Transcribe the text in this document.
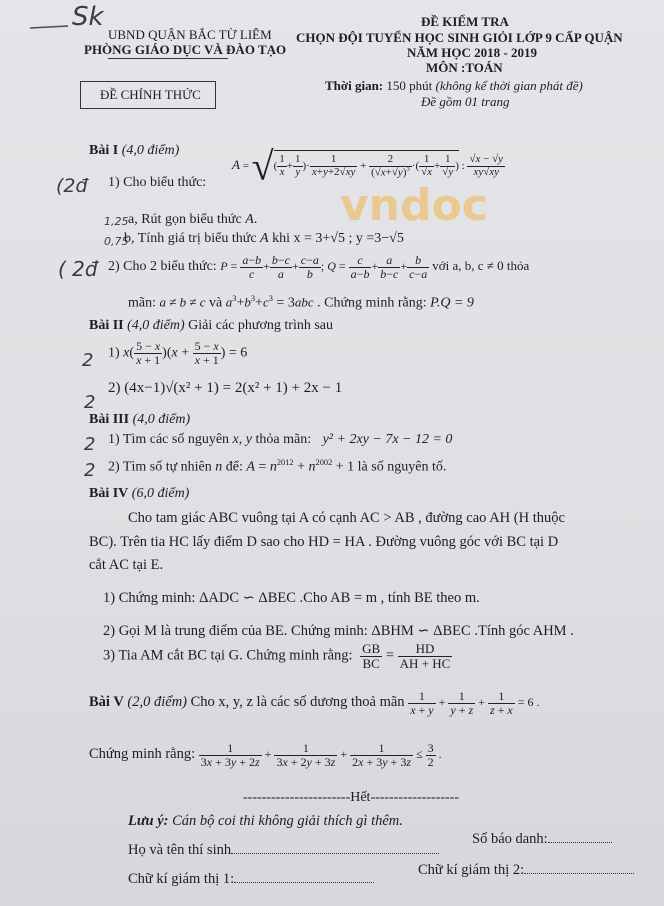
Sk
UBND QUẬN BẮC TỪ LIÊM
PHÒNG GIÁO DỤC VÀ ĐÀO TẠO
ĐỀ CHÍNH THỨC
ĐỀ KIỂM TRA
CHỌN ĐỘI TUYỂN HỌC SINH GIỎI LỚP 9 CẤP QUẬN
NĂM HỌC 2018 - 2019
MÔN :TOÁN
Thời gian: 150 phút (không kể thời gian phát đề)
Đề gồm 01 trang
Bài I (4,0 điểm)
(2đ 1) Cho biểu thức:
A = √( $\frac{1}{x} + \frac{1}{y}$ )· $\frac{1}{x+y+2√xy} + \frac{2}{(√x+√y)^3}$ ·( $\frac{1}{√x} + \frac{1}{√y}$ ) : $\frac{√x - √y}{xy√xy}$
vndoc
1,25 a, Rút gọn biểu thức A.
0,75
b, Tính giá trị biểu thức A khi x = 3+√5 ; y =3−√5
( 2đ 2) Cho 2 biểu thức: $P = \frac{a-b}{c} + \frac{b-c}{a} + \frac{c-a}{b}$ ; $Q = \frac{c}{a-b} + \frac{a}{b-c} + \frac{b}{c-a}$ với a, b, c ≠ 0 thỏa
mãn: a ≠ b ≠ c và $a^3+b^3+c^3 = 3abc$ . Chứng minh rằng: P.Q = 9
Bài II (4,0 điểm) Giải các phương trình sau
2 1) $x( \frac{5 - x}{x + 1} )(x + \frac{5 - x}{x + 1}$ ) = 6
2
2) (4x−1)√(x² + 1) = 2(x² + 1) + 2x − 1
Bài III (4,0 điểm)
2 1) Tìm các số nguyên x, y thỏa mãn: y² + 2xy − 7x − 12 = 0
2 2) Tìm số tự nhiên n để: $A = n^{2012} + n^{2002} + 1$ là số nguyên tố.
Bài IV (6,0 điểm)
Cho tam giác ABC vuông tại A có cạnh AC > AB , đường cao AH (H thuộc
BC). Trên tia HC lấy điểm D sao cho HD = HA . Đường vuông góc với BC tại D
cắt AC tại E.
1) Chứng minh: ΔADC ∽ ΔBEC .Cho AB = m , tính BE theo m.
2) Gọi M là trung điểm của BE. Chứng minh: ΔBHM ∽ ΔBEC .Tính góc AHM .
3) Tia AM cắt BC tại G. Chứng minh rằng: $\frac{GB}{BC} = \frac{HD}{AH + HC}$
Bài V (2,0 điểm) Cho x, y, z là các số dương thoả mãn $\frac{1}{x + y} + \frac{1}{y + z} + \frac{1}{z + x} = 6$ .
Chứng minh rằng: $\frac{1}{3x + 3y + 2z} + \frac{1}{3x + 2y + 3z} + \frac{1}{2x + 3y + 3z} \le \frac{3}{2}$ .
-----------------------Hết-------------------
Lưu ý: Cán bộ coi thi không giải thích gì thêm.
Họ và tên thí sinh
Số báo danh:
Chữ kí giám thị 1:
Chữ kí giám thị 2:
